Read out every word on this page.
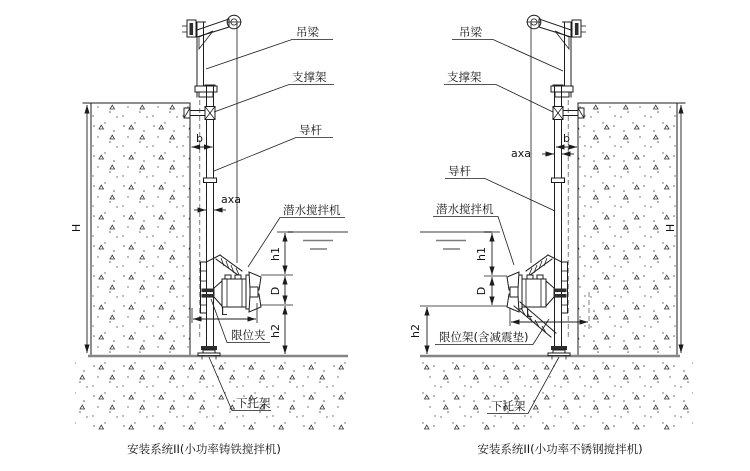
H
h1
D
h2
L
b
axa
吊梁
支撑架
导杆
潜水搅拌机
限位夹
下托架
安装系统II(小功率铸铁搅拌机)
H
h1
D
h2
L
b
axa
吊梁
支撑架
导杆
潜水搅拌机
限位架(含减震垫)
下托架
安装系统II(小功率不锈钢搅拌机)
